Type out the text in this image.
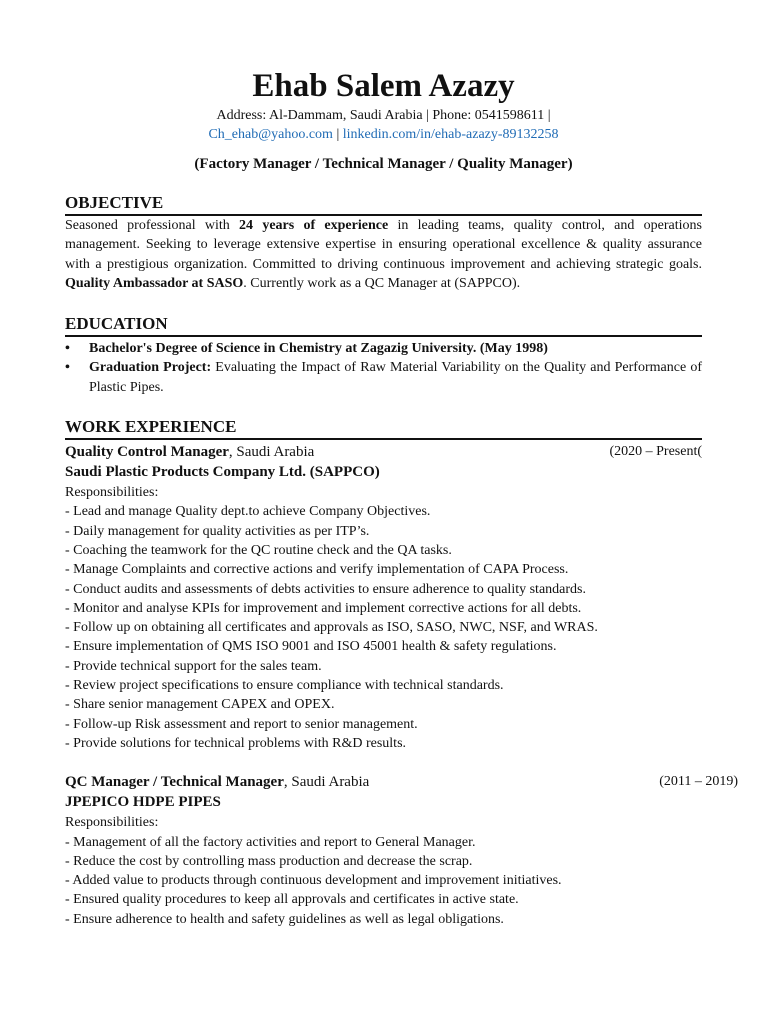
Ehab Salem Azazy
Address: Al-Dammam, Saudi Arabia | Phone: 0541598611 |
Ch_ehab@yahoo.com | linkedin.com/in/ehab-azazy-89132258
(Factory Manager / Technical Manager / Quality Manager)
OBJECTIVE

Seasoned professional with 24 years of experience in leading teams, quality control, and operations management. Seeking to leverage extensive expertise in ensuring operational excellence & quality assurance with a prestigious organization. Committed to driving continuous improvement and achieving strategic goals. Quality Ambassador at SASO. Currently work as a QC Manager at (SAPPCO).

EDUCATION
• Bachelor's Degree of Science in Chemistry at Zagazig University. (May 1998)
• Graduation Project: Evaluating the Impact of Raw Material Variability on the Quality and Performance of Plastic Pipes.
WORK EXPERIENCE
Quality Control Manager, Saudi Arabia	(2020 – Present(
Saudi Plastic Products Company Ltd. (SAPPCO)
Responsibilities:
- Lead and manage Quality dept.to achieve Company Objectives.
- Daily management for quality activities as per ITP’s.
- Coaching the teamwork for the QC routine check and the QA tasks.
- Manage Complaints and corrective actions and verify implementation of CAPA Process.
- Conduct audits and assessments of debts activities to ensure adherence to quality standards.
- Monitor and analyse KPIs for improvement and implement corrective actions for all debts.
- Follow up on obtaining all certificates and approvals as ISO, SASO, NWC, NSF, and WRAS.
- Ensure implementation of QMS ISO 9001 and ISO 45001 health & safety regulations.
- Provide technical support for the sales team.
- Review project specifications to ensure compliance with technical standards.
- Share senior management CAPEX and OPEX.
- Follow-up Risk assessment and report to senior management.
- Provide solutions for technical problems with R&D results.
QC Manager / Technical Manager, Saudi Arabia	(2011 – 2019)
JPEPICO HDPE PIPES
Responsibilities:
- Management of all the factory activities and report to General Manager.
- Reduce the cost by controlling mass production and decrease the scrap.
- Added value to products through continuous development and improvement initiatives.
- Ensured quality procedures to keep all approvals and certificates in active state.
- Ensure adherence to health and safety guidelines as well as legal obligations.
